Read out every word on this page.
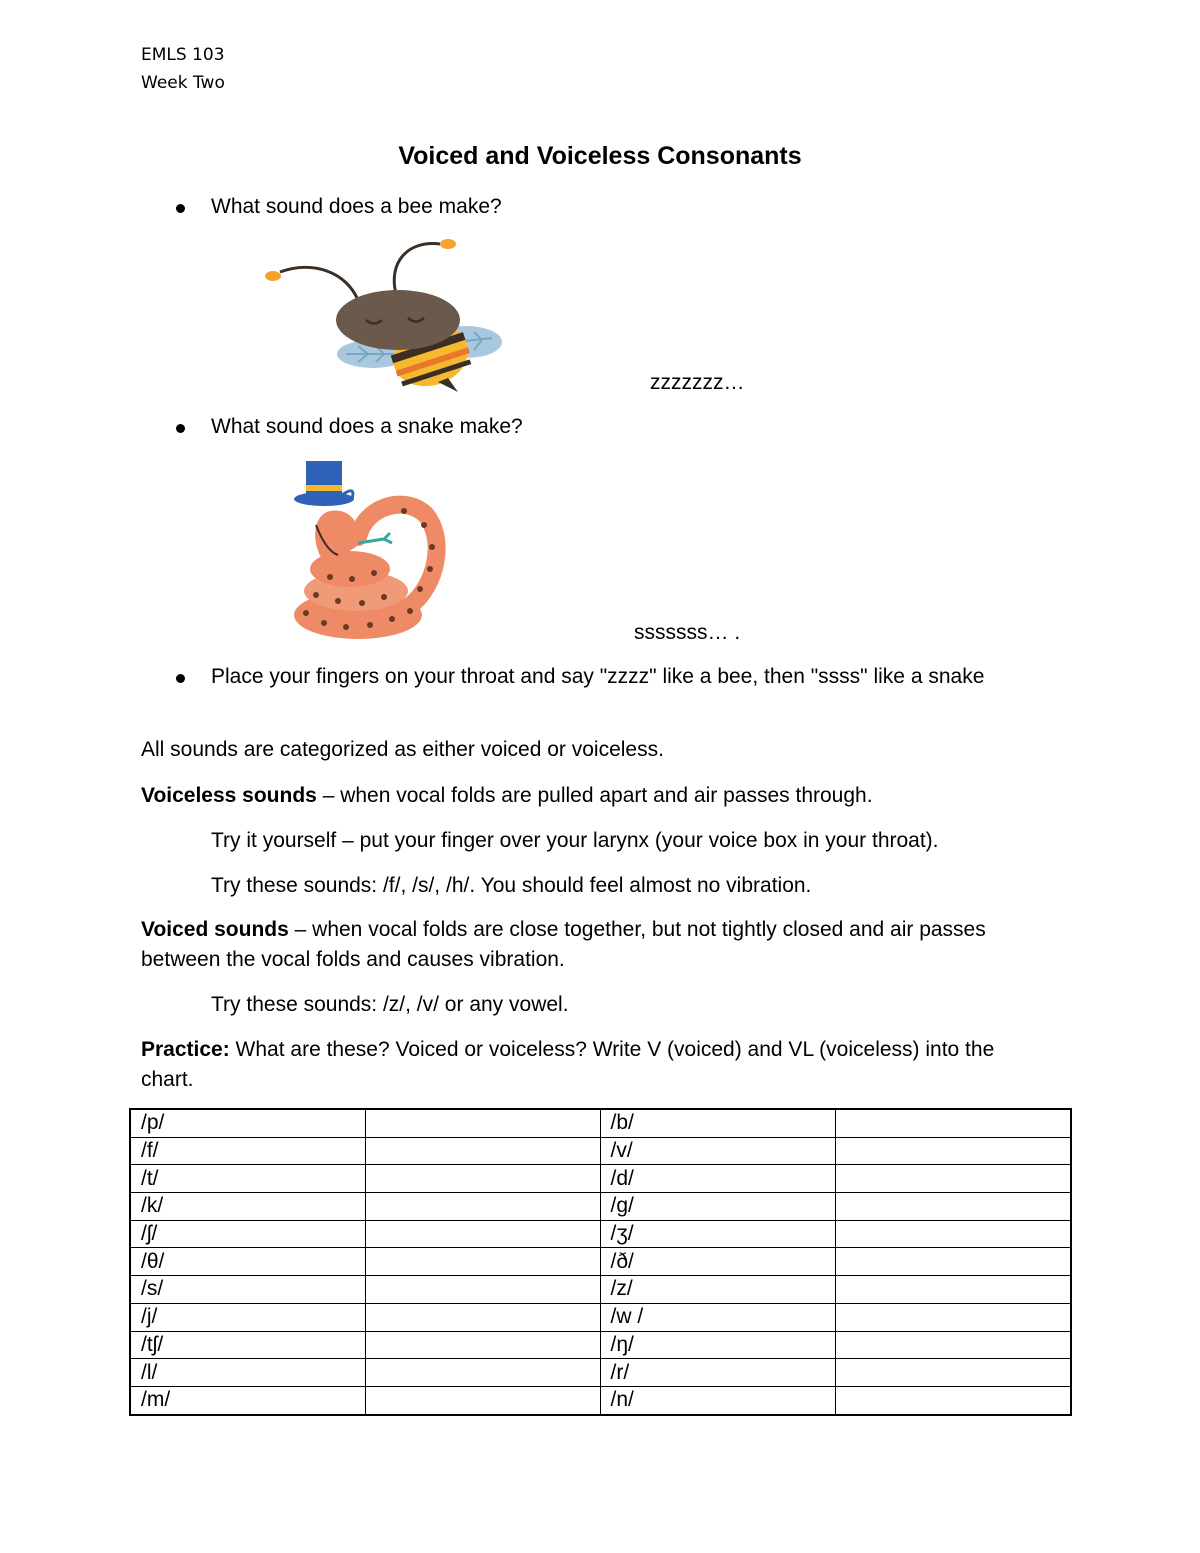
EMLS 103
Week Two
Voiced and Voiceless Consonants
What sound does a bee make?
zzzzzzz…
What sound does a snake make?
sssssss… .
Place your fingers on your throat and say "zzzz" like a bee, then "ssss" like a snake
All sounds are categorized as either voiced or voiceless.
Voiceless sounds – when vocal folds are pulled apart and air passes through.
Try it yourself – put your finger over your larynx (your voice box in your throat).
Try these sounds: /f/, /s/, /h/. You should feel almost no vibration.
Voiced sounds – when vocal folds are close together, but not tightly closed and air passes between the vocal folds and causes vibration.
Try these sounds: /z/, /v/ or any vowel.
Practice: What are these? Voiced or voiceless? Write V (voiced) and VL (voiceless) into the chart.
/p/		/b/	
/f/		/v/	
/t/		/d/	
/k/		/g/	
/ʃ/		/ʒ/	
/θ/		/ð/	
/s/		/z/	
/j/		/w /	
/tʃ/		/ŋ/	
/l/		/r/	
/m/		/n/	
